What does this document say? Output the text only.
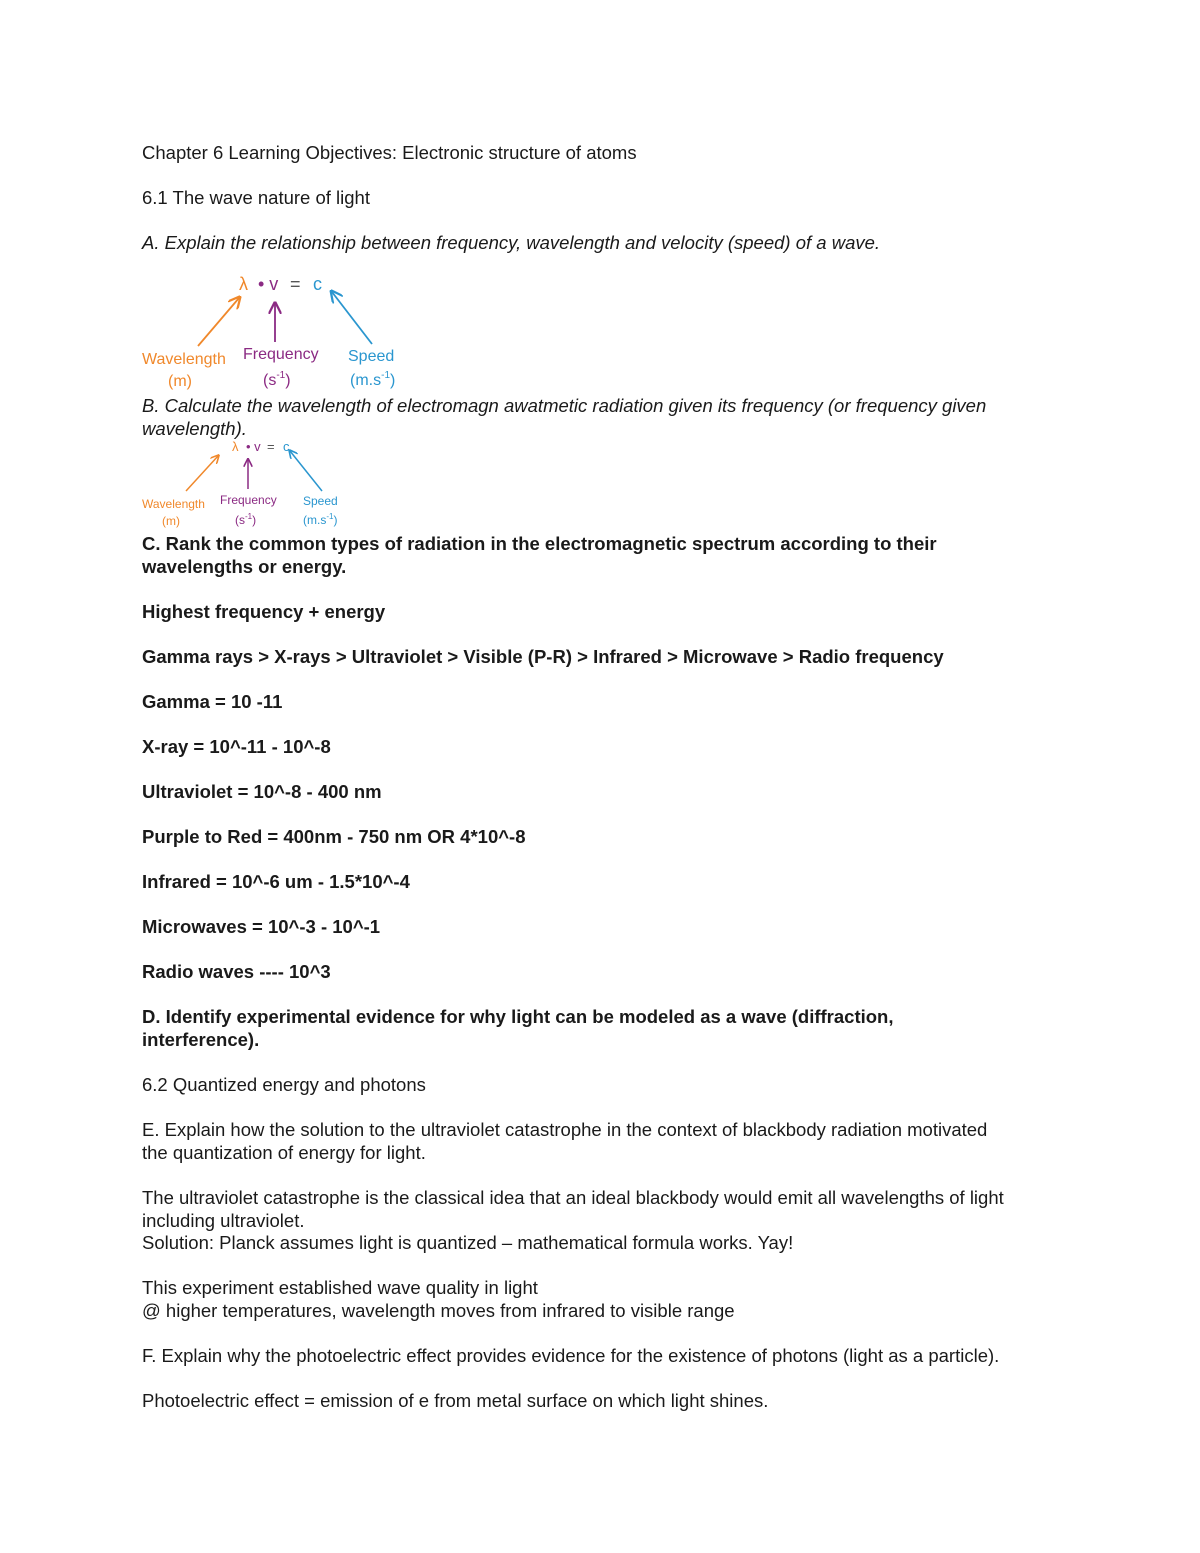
Chapter 6 Learning Objectives: Electronic structure of atoms

6.1 The wave nature of light

A. Explain the relationship between frequency, wavelength and velocity (speed) of a wave.

λ • v = c
Wavelength
(m)
Frequency
$(s^{-1})$
Speed
$(m.s^{-1})$

B. Calculate the wavelength of electromagn awatmetic radiation given its frequency (or frequency given

wavelength).

λ • v = c
Wavelength
(m)
Frequency
$(s^{-1})$
Speed
$(m.s^{-1})$

C. Rank the common types of radiation in the electromagnetic spectrum according to their

wavelengths or energy.

Highest frequency + energy

Gamma rays > X-rays > Ultraviolet > Visible (P-R) > Infrared > Microwave > Radio frequency

Gamma = 10 -11

X-ray = 10^-11 - 10^-8

Ultraviolet = 10^-8 - 400 nm

Purple to Red = 400nm - 750 nm OR 4*10^-8

Infrared = 10^-6 um - 1.5*10^-4

Microwaves = 10^-3 - 10^-1

Radio waves ---- 10^3

D. Identify experimental evidence for why light can be modeled as a wave (diffraction,

interference).

6.2 Quantized energy and photons

E. Explain how the solution to the ultraviolet catastrophe in the context of blackbody radiation motivated

the quantization of energy for light.

The ultraviolet catastrophe is the classical idea that an ideal blackbody would emit all wavelengths of light

including ultraviolet.

Solution: Planck assumes light is quantized – mathematical formula works. Yay!

This experiment established wave quality in light

@ higher temperatures, wavelength moves from infrared to visible range

F. Explain why the photoelectric effect provides evidence for the existence of photons (light as a particle).

Photoelectric effect = emission of e from metal surface on which light shines.
